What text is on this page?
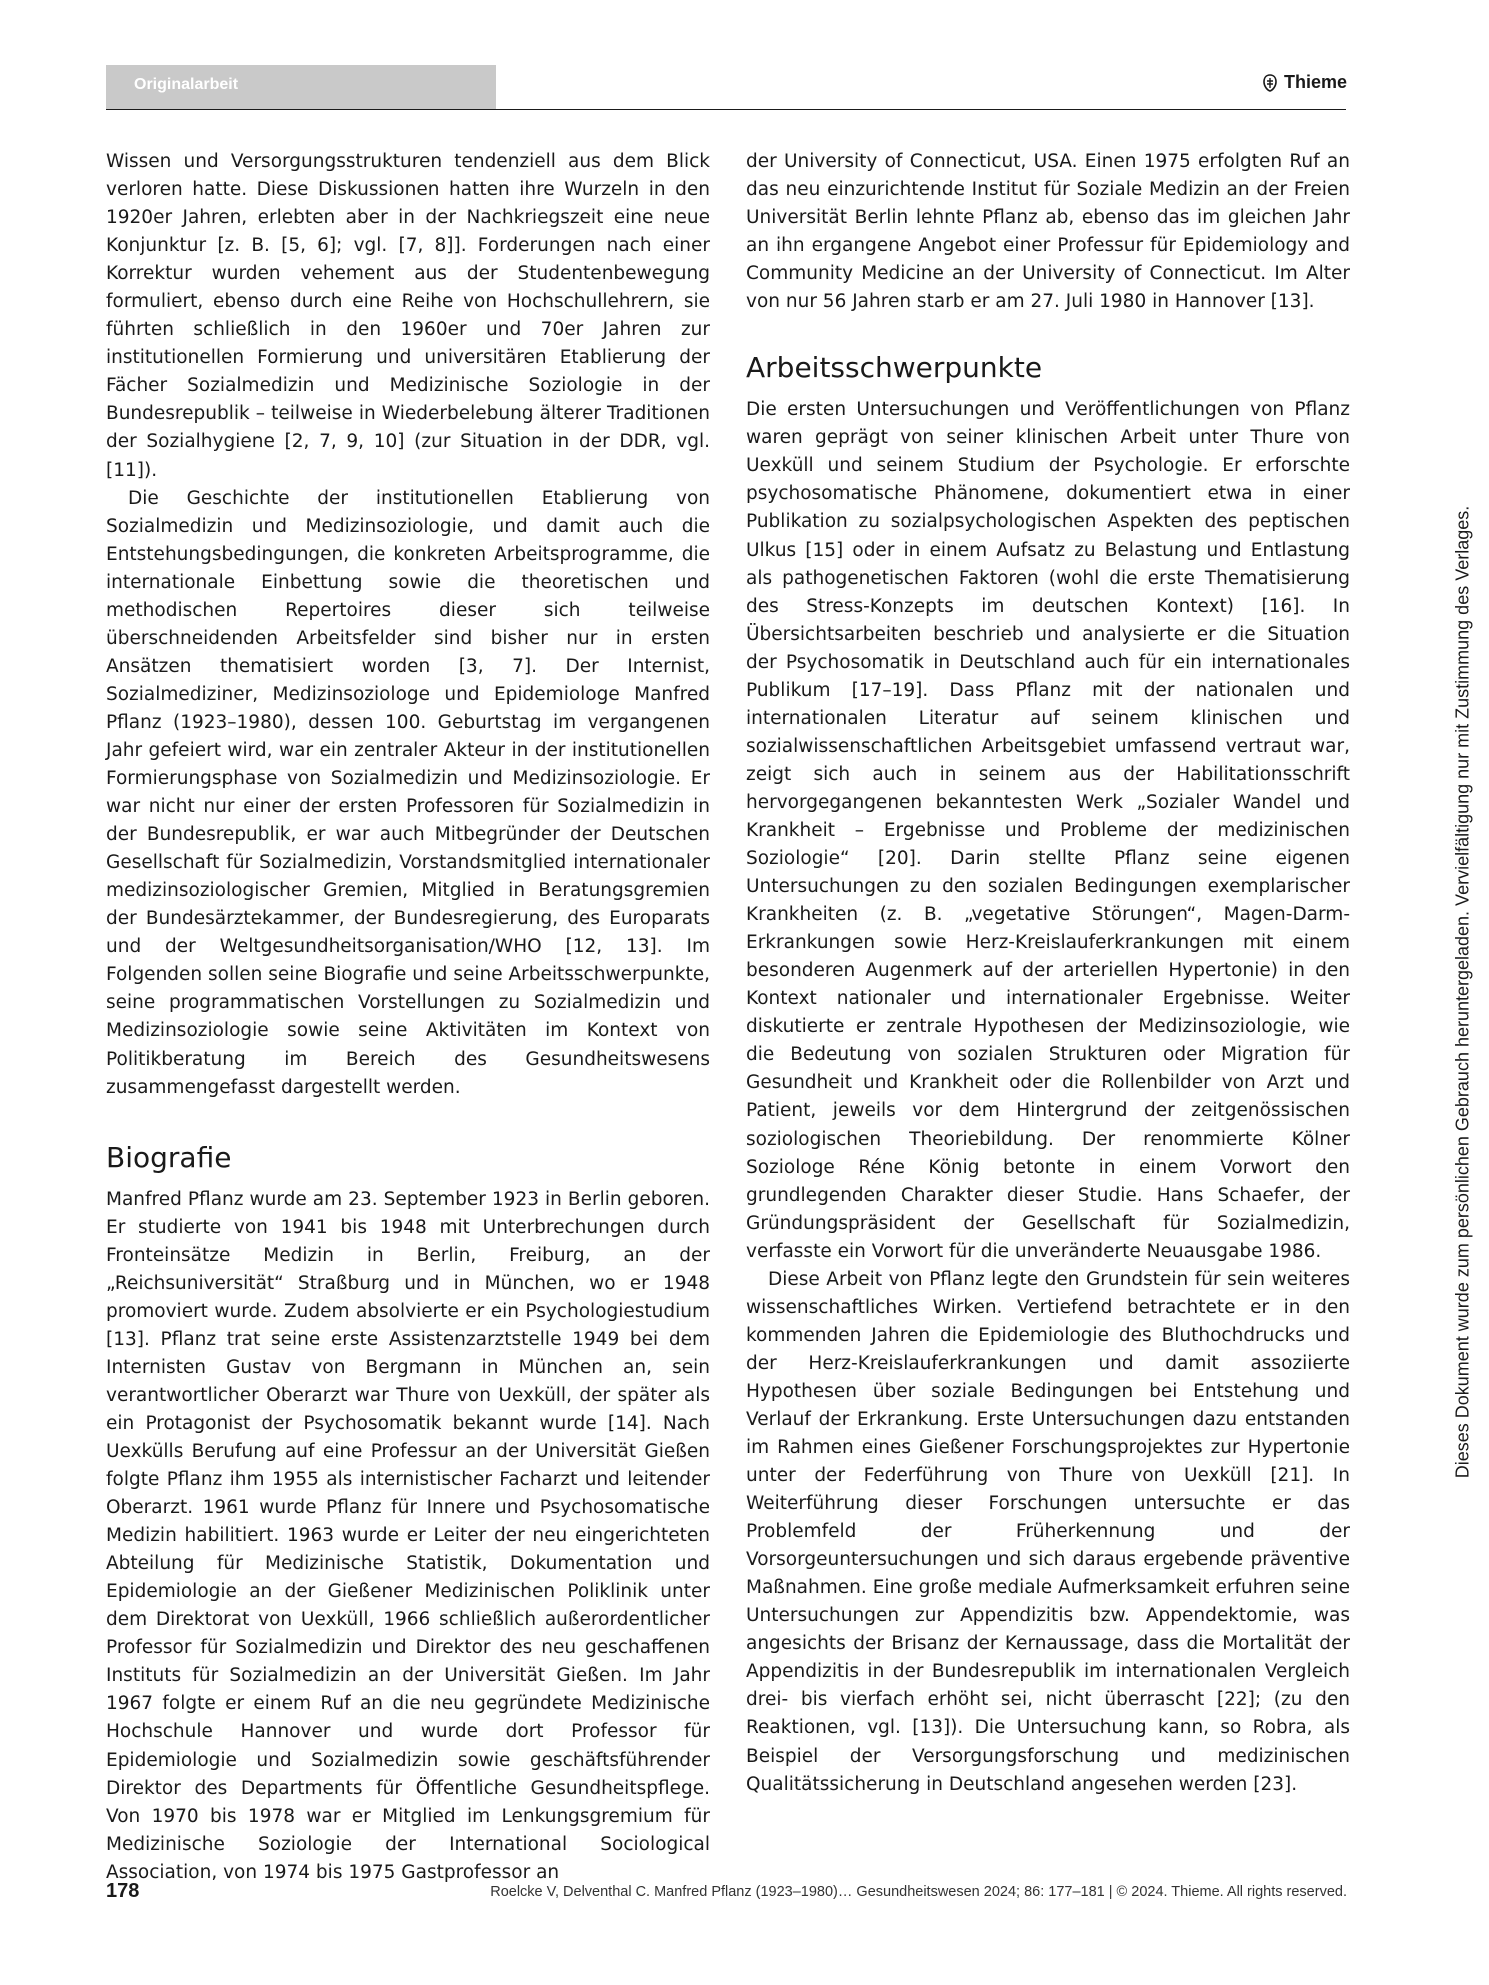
Originalarbeit	Thieme

Wissen und Versorgungsstrukturen tendenziell aus dem Blick verloren hatte. Diese Diskussionen hatten ihre Wurzeln in den 1920er Jahren, erlebten aber in der Nachkriegszeit eine neue Konjunktur [z. B. [5, 6]; vgl. [7, 8]]. Forderungen nach einer Korrektur wurden vehement aus der Studentenbewegung formuliert, ebenso durch eine Reihe von Hochschullehrern, sie führten schließlich in den 1960er und 70er Jahren zur institutionellen Formierung und universitären Etablierung der Fächer Sozialmedizin und Medizinische Soziologie in der Bundesrepublik – teilweise in Wiederbelebung älterer Traditionen der Sozialhygiene [2, 7, 9, 10] (zur Situation in der DDR, vgl. [11]).

Die Geschichte der institutionellen Etablierung von Sozialmedizin und Medizinsoziologie, und damit auch die Entstehungsbedingungen, die konkreten Arbeitsprogramme, die internationale Einbettung sowie die theoretischen und methodischen Repertoires dieser sich teilweise überschneidenden Arbeitsfelder sind bisher nur in ersten Ansätzen thematisiert worden [3, 7]. Der Internist, Sozialmediziner, Medizinsoziologe und Epidemiologe Manfred Pflanz (1923–1980), dessen 100. Geburtstag im vergangenen Jahr gefeiert wird, war ein zentraler Akteur in der institutionellen Formierungsphase von Sozialmedizin und Medizinsoziologie. Er war nicht nur einer der ersten Professoren für Sozialmedizin in der Bundesrepublik, er war auch Mitbegründer der Deutschen Gesellschaft für Sozialmedizin, Vorstandsmitglied internationaler medizinsoziologischer Gremien, Mitglied in Beratungsgremien der Bundesärztekammer, der Bundesregierung, des Europarats und der Weltgesundheitsorganisation/WHO [12, 13]. Im Folgenden sollen seine Biografie und seine Arbeitsschwerpunkte, seine programmatischen Vorstellungen zu Sozialmedizin und Medizinsoziologie sowie seine Aktivitäten im Kontext von Politikberatung im Bereich des Gesundheitswesens zusammengefasst dargestellt werden.

Biografie

Manfred Pflanz wurde am 23. September 1923 in Berlin geboren. Er studierte von 1941 bis 1948 mit Unterbrechungen durch Fronteinsätze Medizin in Berlin, Freiburg, an der „Reichsuniversität“ Straßburg und in München, wo er 1948 promoviert wurde. Zudem absolvierte er ein Psychologiestudium [13]. Pflanz trat seine erste Assistenzarztstelle 1949 bei dem Internisten Gustav von Bergmann in München an, sein verantwortlicher Oberarzt war Thure von Uexküll, der später als ein Protagonist der Psychosomatik bekannt wurde [14]. Nach Uexkülls Berufung auf eine Professur an der Universität Gießen folgte Pflanz ihm 1955 als internistischer Facharzt und leitender Oberarzt. 1961 wurde Pflanz für Innere und Psychosomatische Medizin habilitiert. 1963 wurde er Leiter der neu eingerichteten Abteilung für Medizinische Statistik, Dokumentation und Epidemiologie an der Gießener Medizinischen Poliklinik unter dem Direktorat von Uexküll, 1966 schließlich außerordentlicher Professor für Sozialmedizin und Direktor des neu geschaffenen Instituts für Sozialmedizin an der Universität Gießen. Im Jahr 1967 folgte er einem Ruf an die neu gegründete Medizinische Hochschule Hannover und wurde dort Professor für Epidemiologie und Sozialmedizin sowie geschäftsführender Direktor des Departments für Öffentliche Gesundheitspflege. Von 1970 bis 1978 war er Mitglied im Lenkungsgremium für Medizinische Soziologie der International Sociological Association, von 1974 bis 1975 Gastprofessor an

der University of Connecticut, USA. Einen 1975 erfolgten Ruf an das neu einzurichtende Institut für Soziale Medizin an der Freien Universität Berlin lehnte Pflanz ab, ebenso das im gleichen Jahr an ihn ergangene Angebot einer Professur für Epidemiology and Community Medicine an der University of Connecticut. Im Alter von nur 56 Jahren starb er am 27. Juli 1980 in Hannover [13].

Arbeitsschwerpunkte

Die ersten Untersuchungen und Veröffentlichungen von Pflanz waren geprägt von seiner klinischen Arbeit unter Thure von Uexküll und seinem Studium der Psychologie. Er erforschte psychosomatische Phänomene, dokumentiert etwa in einer Publikation zu sozialpsychologischen Aspekten des peptischen Ulkus [15] oder in einem Aufsatz zu Belastung und Entlastung als pathogenetischen Faktoren (wohl die erste Thematisierung des Stress-Konzepts im deutschen Kontext) [16]. In Übersichtsarbeiten beschrieb und analysierte er die Situation der Psychosomatik in Deutschland auch für ein internationales Publikum [17–19]. Dass Pflanz mit der nationalen und internationalen Literatur auf seinem klinischen und sozialwissenschaftlichen Arbeitsgebiet umfassend vertraut war, zeigt sich auch in seinem aus der Habilitationsschrift hervorgegangenen bekanntesten Werk „Sozialer Wandel und Krankheit – Ergebnisse und Probleme der medizinischen Soziologie“ [20]. Darin stellte Pflanz seine eigenen Untersuchungen zu den sozialen Bedingungen exemplarischer Krankheiten (z. B. „vegetative Störungen“, Magen-Darm-Erkrankungen sowie Herz-Kreislauferkrankungen mit einem besonderen Augenmerk auf der arteriellen Hypertonie) in den Kontext nationaler und internationaler Ergebnisse. Weiter diskutierte er zentrale Hypothesen der Medizinsoziologie, wie die Bedeutung von sozialen Strukturen oder Migration für Gesundheit und Krankheit oder die Rollenbilder von Arzt und Patient, jeweils vor dem Hintergrund der zeitgenössischen soziologischen Theoriebildung. Der renommierte Kölner Soziologe Réne König betonte in einem Vorwort den grundlegenden Charakter dieser Studie. Hans Schaefer, der Gründungspräsident der Gesellschaft für Sozialmedizin, verfasste ein Vorwort für die unveränderte Neuausgabe 1986.

Diese Arbeit von Pflanz legte den Grundstein für sein weiteres wissenschaftliches Wirken. Vertiefend betrachtete er in den kommenden Jahren die Epidemiologie des Bluthochdrucks und der Herz-Kreislauferkrankungen und damit assoziierte Hypothesen über soziale Bedingungen bei Entstehung und Verlauf der Erkrankung. Erste Untersuchungen dazu entstanden im Rahmen eines Gießener Forschungsprojektes zur Hypertonie unter der Federführung von Thure von Uexküll [21]. In Weiterführung dieser Forschungen untersuchte er das Problemfeld der Früherkennung und der Vorsorgeuntersuchungen und sich daraus ergebende präventive Maßnahmen. Eine große mediale Aufmerksamkeit erfuhren seine Untersuchungen zur Appendizitis bzw. Appendektomie, was angesichts der Brisanz der Kernaussage, dass die Mortalität der Appendizitis in der Bundesrepublik im internationalen Vergleich drei- bis vierfach erhöht sei, nicht überrascht [22]; (zu den Reaktionen, vgl. [13]). Die Untersuchung kann, so Robra, als Beispiel der Versorgungsforschung und medizinischen Qualitätssicherung in Deutschland angesehen werden [23].

Dieses Dokument wurde zum persönlichen Gebrauch heruntergeladen. Vervielfältigung nur mit Zustimmung des Verlages.
178	Roelcke V, Delventhal C. Manfred Pflanz (1923–1980)… Gesundheitswesen 2024; 86: 177–181 | © 2024. Thieme. All rights reserved.
